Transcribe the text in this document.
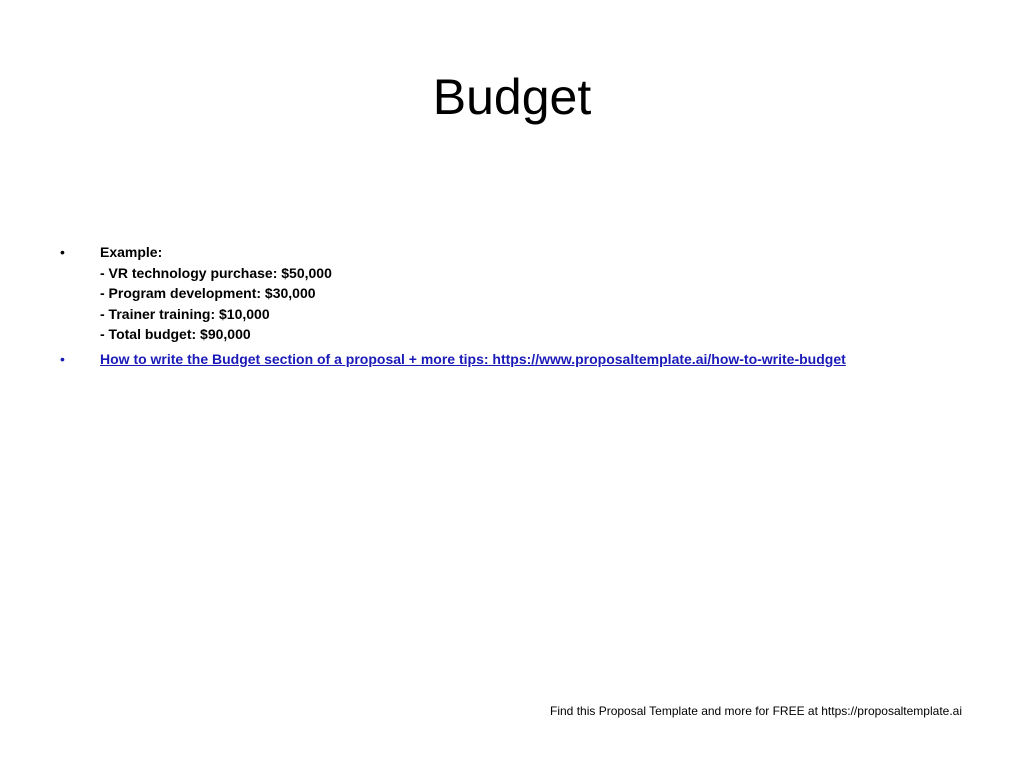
Budget
•	Example:
- VR technology purchase: $50,000
- Program development: $30,000
- Trainer training: $10,000
- Total budget: $90,000
•	How to write the Budget section of a proposal + more tips: https://www.proposaltemplate.ai/how-to-write-budget
Find this Proposal Template and more for FREE at https://proposaltemplate.ai
